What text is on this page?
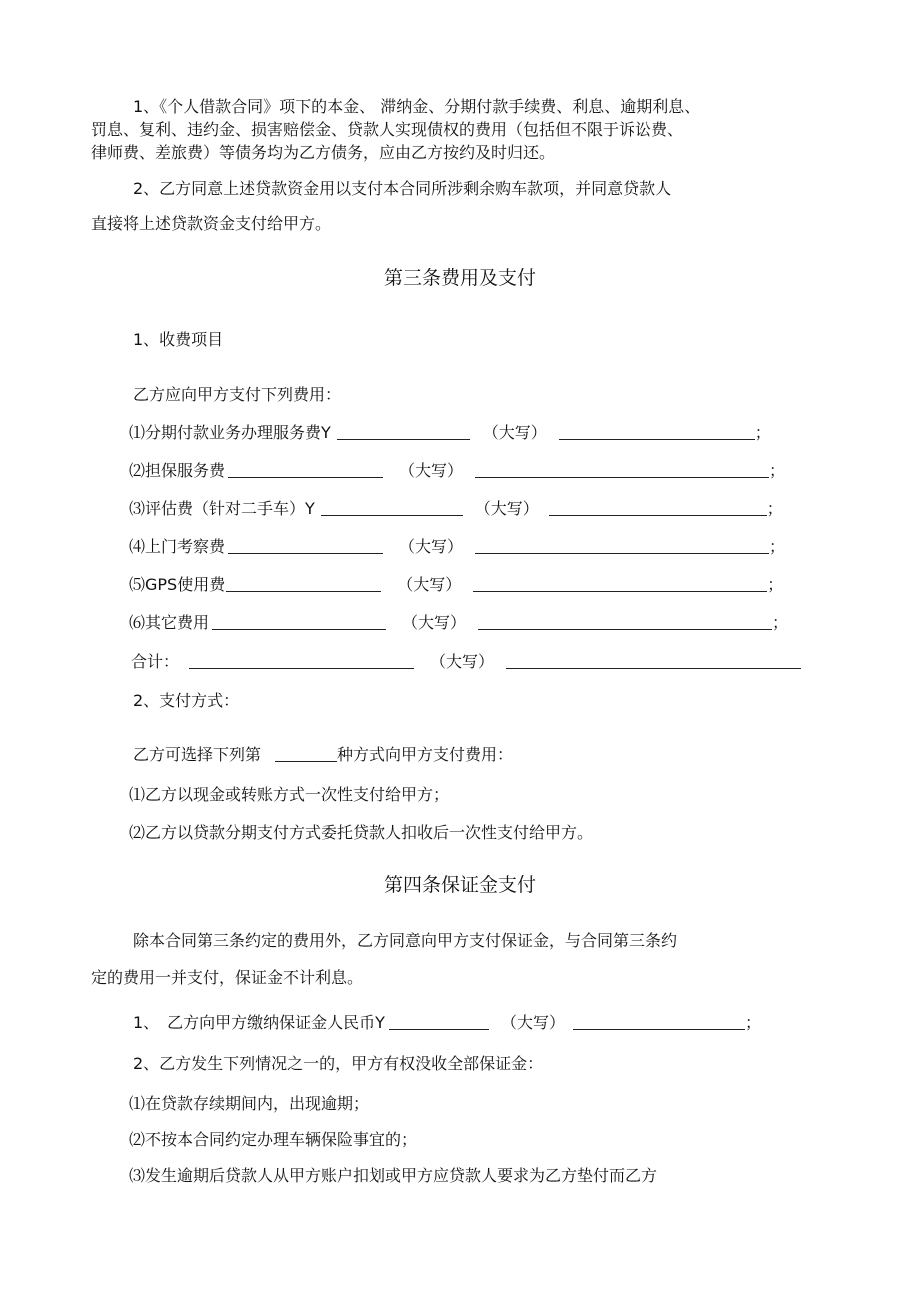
1、《个人借款合同》项下的本金、 滞纳金、分期付款手续费、利息、逾期利息、
罚息、复利、违约金、损害赔偿金、贷款人实现债权的费用（包括但不限于诉讼费、
律师费、差旅费）等债务均为乙方债务，应由乙方按约及时归还。
2、乙方同意上述贷款资金用以支付本合同所涉剩余购车款项，并同意贷款人
直接将上述贷款资金支付给甲方。
第三条费用及支付
1、收费项目
乙方应向甲方支付下列费用：
⑴分期付款业务办理服务费Y	（大写）	；
⑵担保服务费	（大写）	；
⑶评估费（针对二手车）Y	（大写）	；
⑷上门考察费	（大写）	；
⑸GPS使用费	（大写）	；
⑹其它费用	（大写）	；
合计：	（大写）
2、支付方式：
乙方可选择下列第	种方式向甲方支付费用：
⑴乙方以现金或转账方式一次性支付给甲方；
⑵乙方以贷款分期支付方式委托贷款人扣收后一次性支付给甲方。
第四条保证金支付
除本合同第三条约定的费用外，乙方同意向甲方支付保证金，与合同第三条约
定的费用一并支付，保证金不计利息。
1、　乙方向甲方缴纳保证金人民币Y	（大写）	；
2、乙方发生下列情况之一的，甲方有权没收全部保证金：
⑴在贷款存续期间内，出现逾期；
⑵不按本合同约定办理车辆保险事宜的；
⑶发生逾期后贷款人从甲方账户扣划或甲方应贷款人要求为乙方垫付而乙方
